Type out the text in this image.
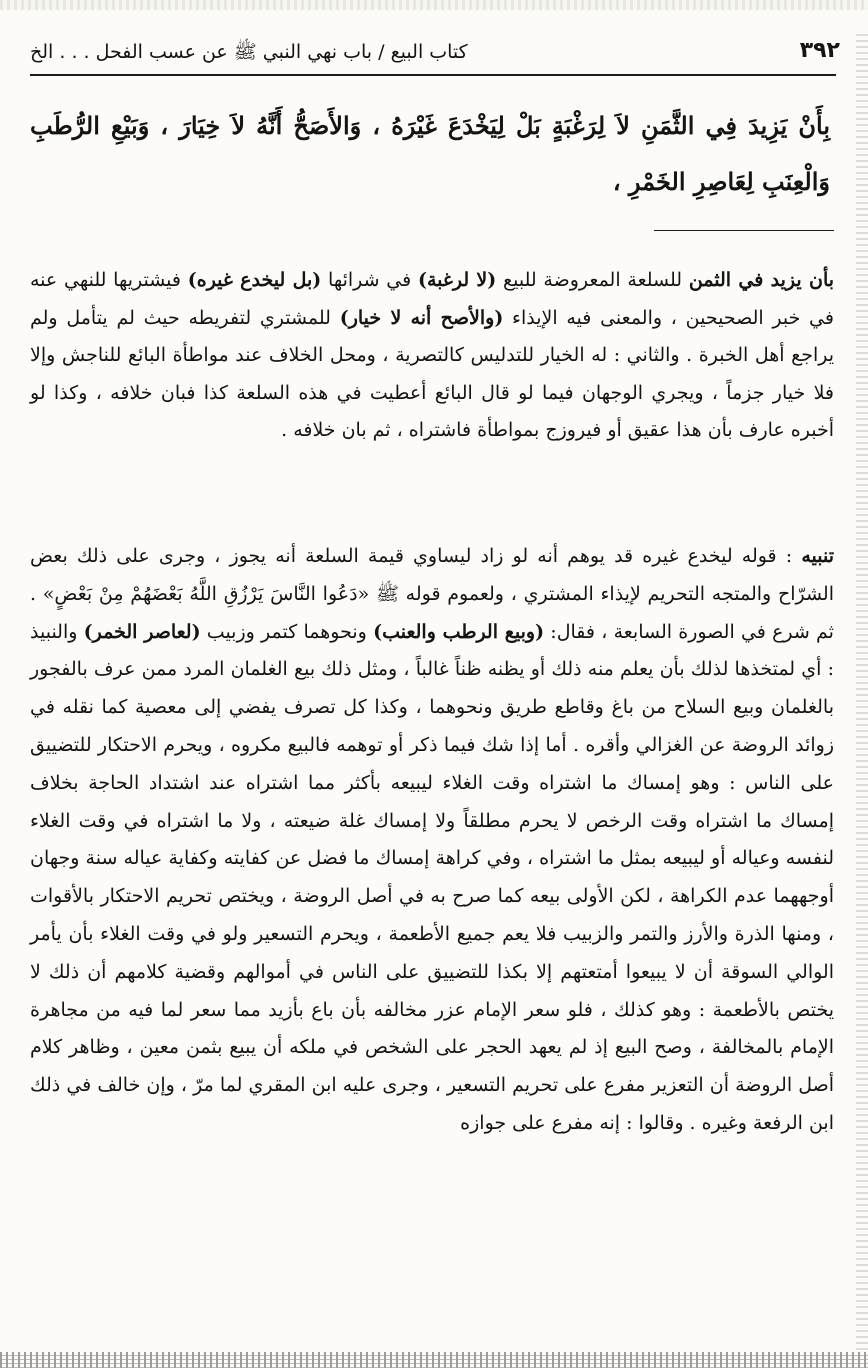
٣٩٢
كتاب البيع / باب نهي النبي ﷺ عن عسب الفحل . . . الخ
بِأَنْ يَزِيدَ فِي الثَّمَنِ لاَ لِرَغْبَةٍ بَلْ لِيَخْدَعَ غَيْرَهُ ، وَالأَصَحُّ أَنَّهُ لاَ خِيَارَ ، وَبَيْعِ الرُّطَبِ وَالْعِنَبِ لِعَاصِرِ الخَمْرِ ،
بأن يزيد في الثمن للسلعة المعروضة للبيع (لا لرغبة) في شرائها (بل ليخدع غيره) فيشتريها للنهي عنه في خبر الصحيحين ، والمعنى فيه الإيذاء (والأصح أنه لا خيار) للمشتري لتفريطه حيث لم يتأمل ولم يراجع أهل الخبرة . والثاني : له الخيار للتدليس كالتصرية ، ومحل الخلاف عند مواطأة البائع للناجش وإلا فلا خيار جزماً ، ويجري الوجهان فيما لو قال البائع أعطيت في هذه السلعة كذا فبان خلافه ، وكذا لو أخبره عارف بأن هذا عقيق أو فيروزج بمواطأة فاشتراه ، ثم بان خلافه .
تنبيه : قوله ليخدع غيره قد يوهم أنه لو زاد ليساوي قيمة السلعة أنه يجوز ، وجرى على ذلك بعض الشرّاح والمتجه التحريم لإيذاء المشتري ، ولعموم قوله ﷺ «دَعُوا النَّاسَ يَرْزُقِ اللَّهُ بَعْضَهُمْ مِنْ بَعْضٍ» . ثم شرع في الصورة السابعة ، فقال: (وبيع الرطب والعنب) ونحوهما كتمر وزبيب (لعاصر الخمر) والنبيذ : أي لمتخذها لذلك بأن يعلم منه ذلك أو يظنه ظناً غالباً ، ومثل ذلك بيع الغلمان المرد ممن عرف بالفجور بالغلمان وبيع السلاح من باغ وقاطع طريق ونحوهما ، وكذا كل تصرف يفضي إلى معصية كما نقله في زوائد الروضة عن الغزالي وأقره . أما إذا شك فيما ذكر أو توهمه فالبيع مكروه ، ويحرم الاحتكار للتضييق على الناس : وهو إمساك ما اشتراه وقت الغلاء ليبيعه بأكثر مما اشتراه عند اشتداد الحاجة بخلاف إمساك ما اشتراه وقت الرخص لا يحرم مطلقاً ولا إمساك غلة ضيعته ، ولا ما اشتراه في وقت الغلاء لنفسه وعياله أو ليبيعه بمثل ما اشتراه ، وفي كراهة إمساك ما فضل عن كفايته وكفاية عياله سنة وجهان أوجههما عدم الكراهة ، لكن الأولى بيعه كما صرح به في أصل الروضة ، ويختص تحريم الاحتكار بالأقوات ، ومنها الذرة والأرز والتمر والزبيب فلا يعم جميع الأطعمة ، ويحرم التسعير ولو في وقت الغلاء بأن يأمر الوالي السوقة أن لا يبيعوا أمتعتهم إلا بكذا للتضييق على الناس في أموالهم وقضية كلامهم أن ذلك لا يختص بالأطعمة : وهو كذلك ، فلو سعر الإمام عزر مخالفه بأن باع بأزيد مما سعر لما فيه من مجاهرة الإمام بالمخالفة ، وصح البيع إذ لم يعهد الحجر على الشخص في ملكه أن يبيع بثمن معين ، وظاهر كلام أصل الروضة أن التعزير مفرع على تحريم التسعير ، وجرى عليه ابن المقري لما مرّ ، وإن خالف في ذلك ابن الرفعة وغيره . وقالوا : إنه مفرع على جوازه
